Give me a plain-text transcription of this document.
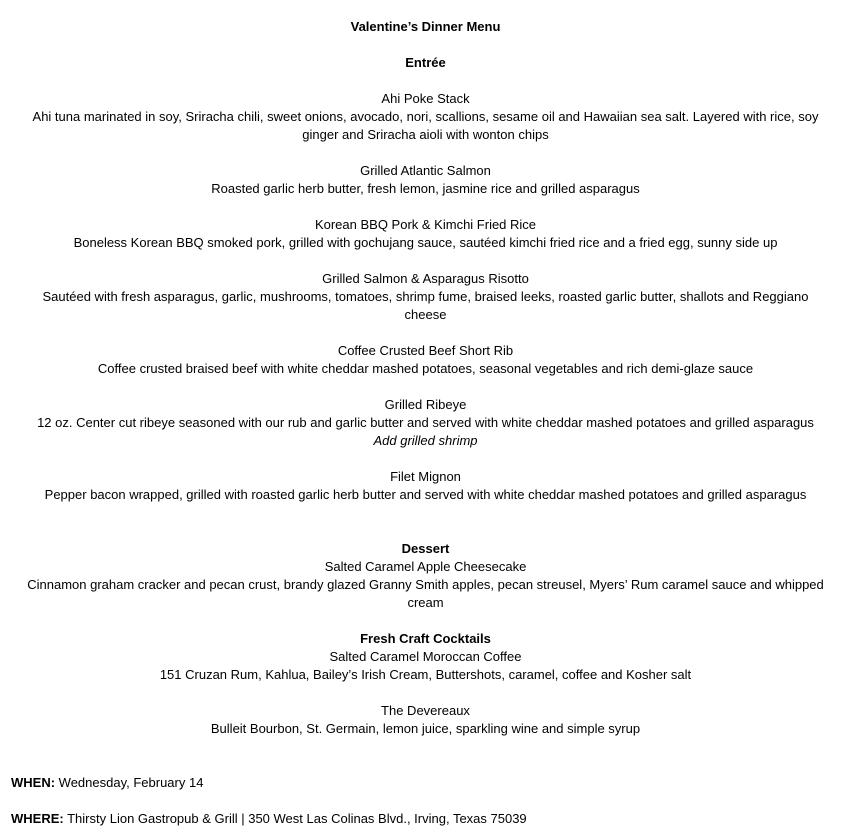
Valentine’s Dinner Menu
Entrée
Ahi Poke Stack
Ahi tuna marinated in soy, Sriracha chili, sweet onions, avocado, nori, scallions, sesame oil and Hawaiian sea salt. Layered with rice, soy
ginger and Sriracha aioli with wonton chips
Grilled Atlantic Salmon
Roasted garlic herb butter, fresh lemon, jasmine rice and grilled asparagus
Korean BBQ Pork & Kimchi Fried Rice
Boneless Korean BBQ smoked pork, grilled with gochujang sauce, sautéed kimchi fried rice and a fried egg, sunny side up
Grilled Salmon & Asparagus Risotto
Sautéed with fresh asparagus, garlic, mushrooms, tomatoes, shrimp fume, braised leeks, roasted garlic butter, shallots and Reggiano
cheese
Coffee Crusted Beef Short Rib
Coffee crusted braised beef with white cheddar mashed potatoes, seasonal vegetables and rich demi-glaze sauce
Grilled Ribeye
12 oz. Center cut ribeye seasoned with our rub and garlic butter and served with white cheddar mashed potatoes and grilled asparagus
Add grilled shrimp
Filet Mignon
Pepper bacon wrapped, grilled with roasted garlic herb butter and served with white cheddar mashed potatoes and grilled asparagus
Dessert
Salted Caramel Apple Cheesecake
Cinnamon graham cracker and pecan crust, brandy glazed Granny Smith apples, pecan streusel, Myers’ Rum caramel sauce and whipped
cream
Fresh Craft Cocktails
Salted Caramel Moroccan Coffee
151 Cruzan Rum, Kahlua, Bailey’s Irish Cream, Buttershots, caramel, coffee and Kosher salt
The Devereaux
Bulleit Bourbon, St. Germain, lemon juice, sparkling wine and simple syrup
WHEN: Wednesday, February 14
WHERE: Thirsty Lion Gastropub & Grill | 350 West Las Colinas Blvd., Irving, Texas 75039
